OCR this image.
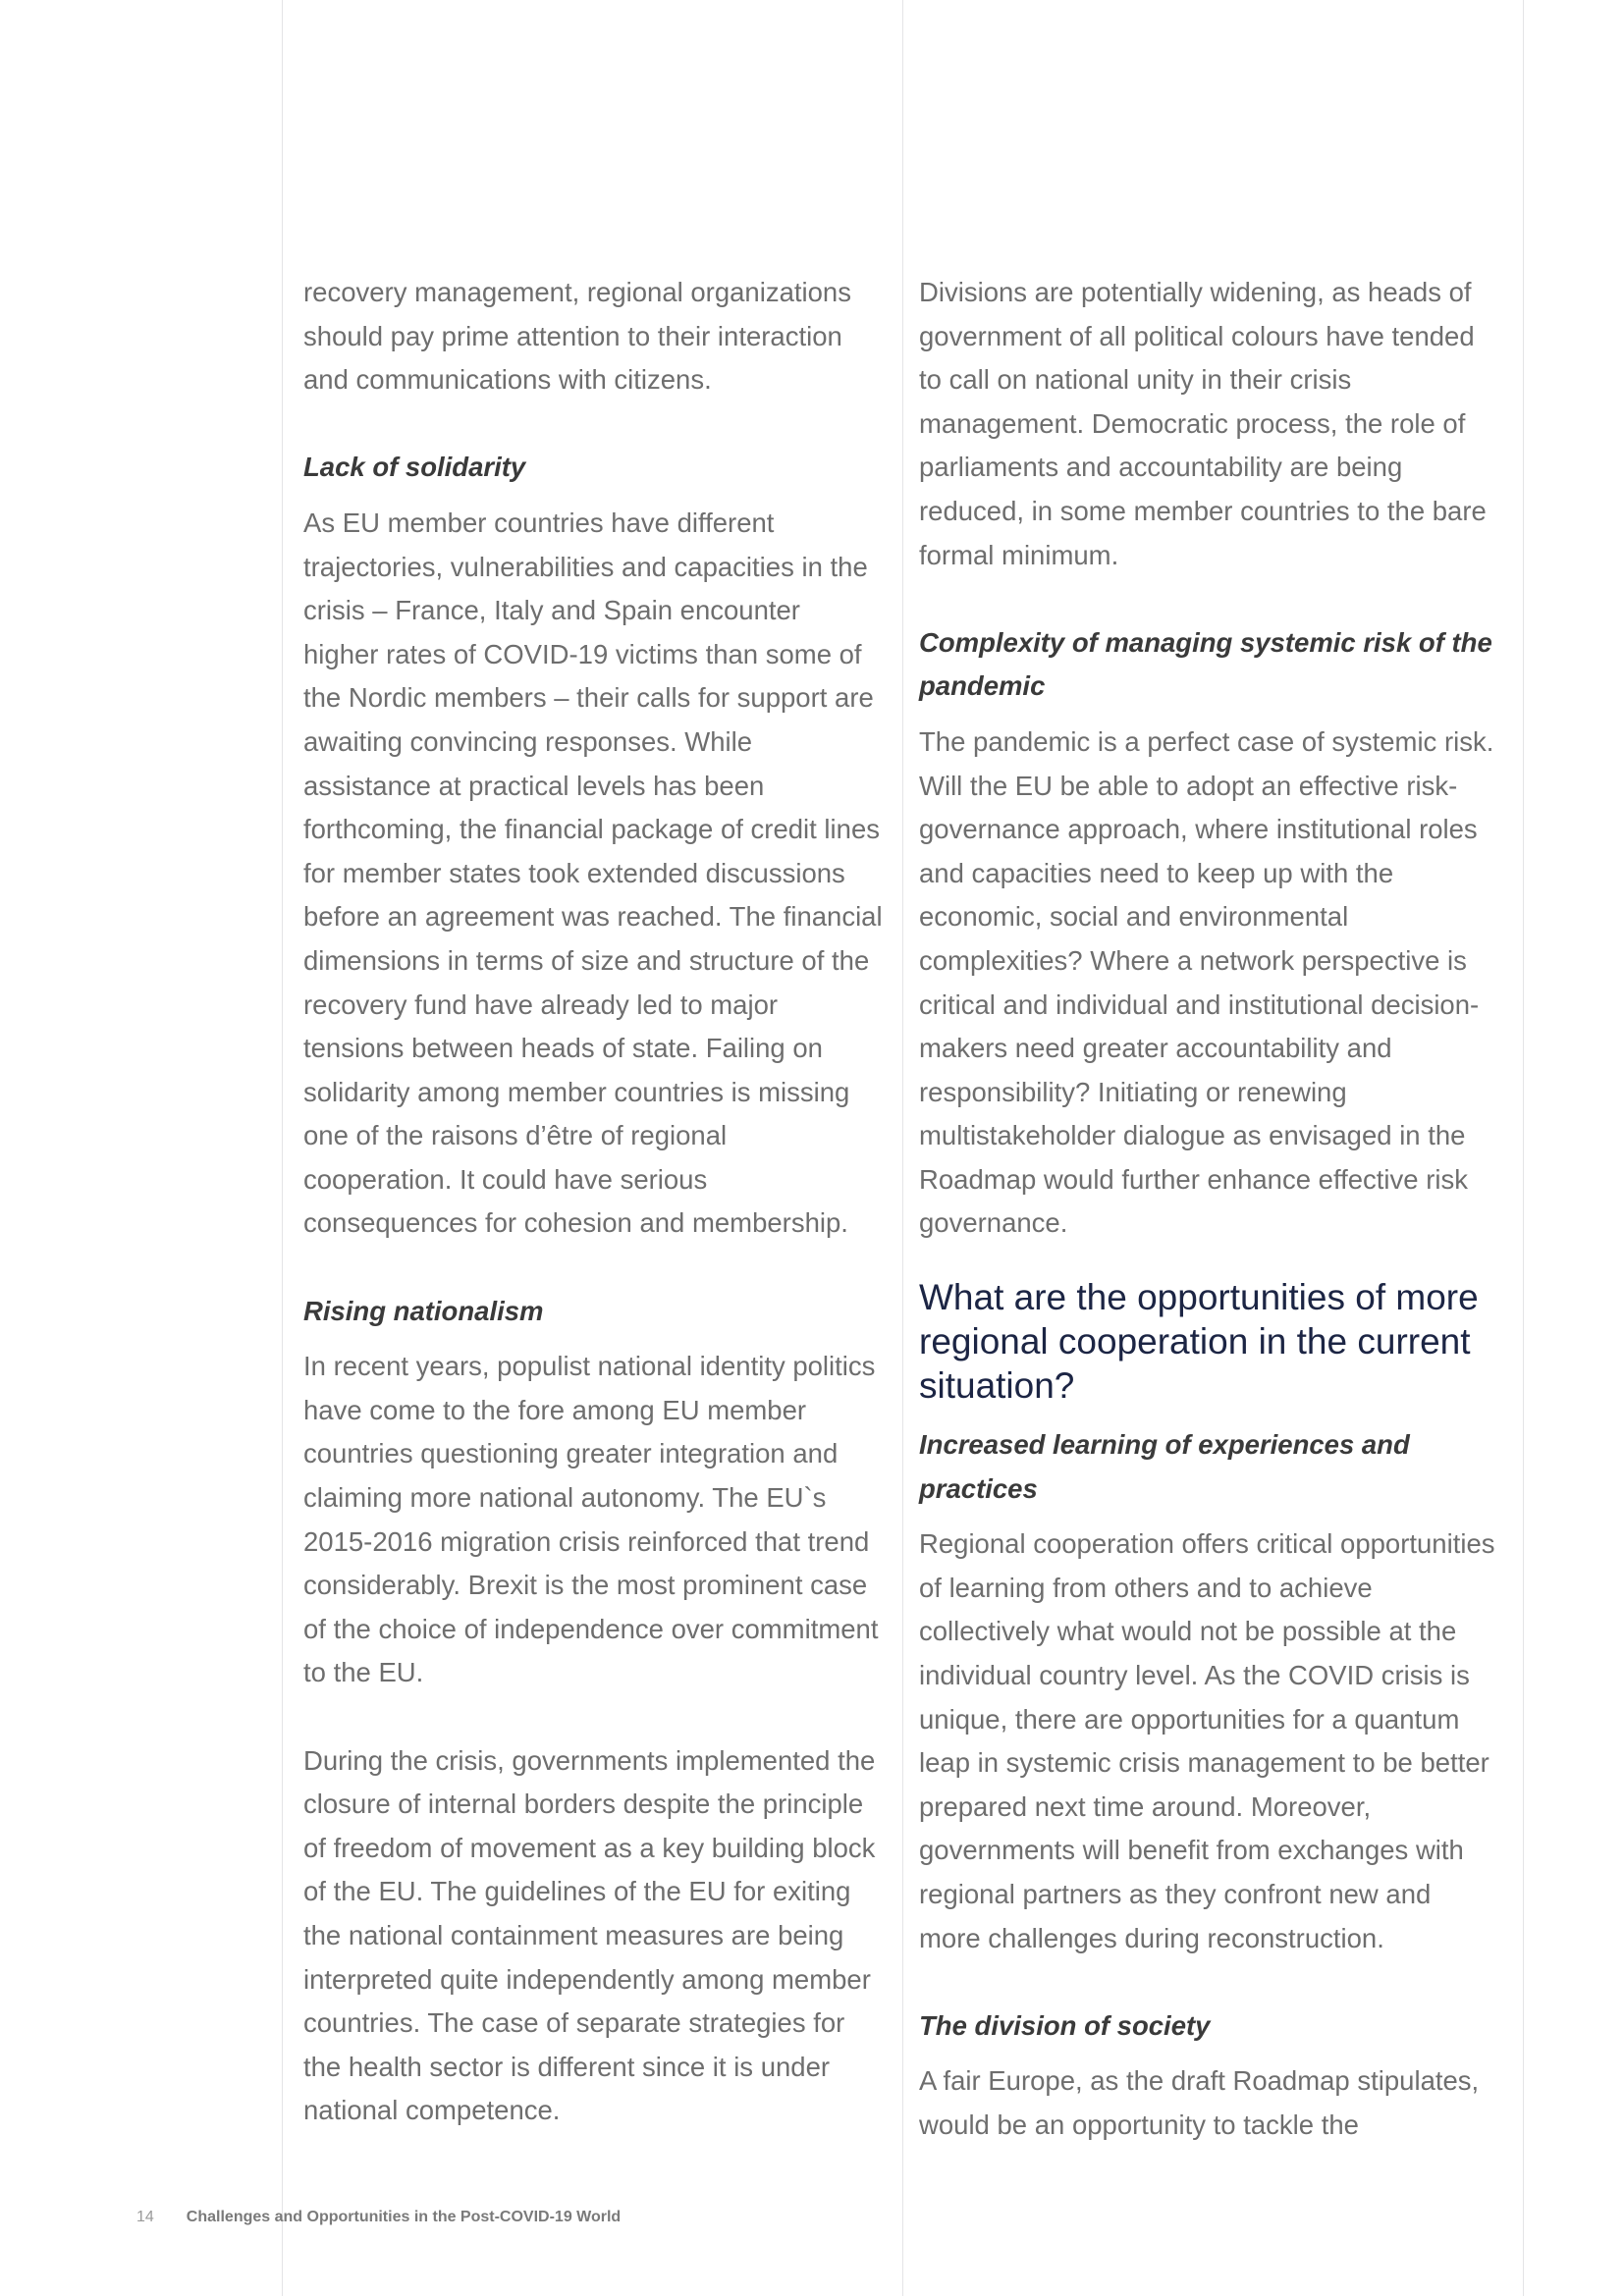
recovery management, regional organizations should pay prime attention to their interaction and communications with citizens.

Lack of solidarity

As EU member countries have different trajectories, vulnerabilities and capacities in the crisis – France, Italy and Spain encounter higher rates of COVID-19 victims than some of the Nordic members – their calls for support are awaiting convincing responses. While assistance at practical levels has been forthcoming, the financial package of credit lines for member states took extended discussions before an agreement was reached. The financial dimensions in terms of size and structure of the recovery fund have already led to major tensions between heads of state. Failing on solidarity among member countries is missing one of the raisons d’être of regional cooperation. It could have serious consequences for cohesion and membership.

Rising nationalism

In recent years, populist national identity politics have come to the fore among EU member countries questioning greater integration and claiming more national autonomy. The EU`s 2015-2016 migration crisis reinforced that trend considerably. Brexit is the most prominent case of the choice of independence over commitment to the EU.

During the crisis, governments implemented the closure of internal borders despite the principle of freedom of movement as a key building block of the EU. The guidelines of the EU for exiting the national containment measures are being interpreted quite independently among member countries. The case of separate strategies for the health sector is different since it is under national competence.

Divisions are potentially widening, as heads of government of all political colours have tended to call on national unity in their crisis management. Democratic process, the role of parliaments and accountability are being reduced, in some member countries to the bare formal minimum.

Complexity of managing systemic risk of the pandemic

The pandemic is a perfect case of systemic risk. Will the EU be able to adopt an effective risk-governance approach, where institutional roles and capacities need to keep up with the economic, social and environmental complexities? Where a network perspective is critical and individual and institutional decision-makers need greater accountability and responsibility? Initiating or renewing multistakeholder dialogue as envisaged in the Roadmap would further enhance effective risk governance.

What are the opportunities of more regional cooperation in the current situation?
Increased learning of experiences and practices

Regional cooperation offers critical opportunities of learning from others and to achieve collectively what would not be possible at the individual country level. As the COVID crisis is unique, there are opportunities for a quantum leap in systemic crisis management to be better prepared next time around. Moreover, governments will benefit from exchanges with regional partners as they confront new and more challenges during reconstruction.

The division of society

A fair Europe, as the draft Roadmap stipulates, would be an opportunity to tackle the

14 Challenges and Opportunities in the Post-COVID-19 World
